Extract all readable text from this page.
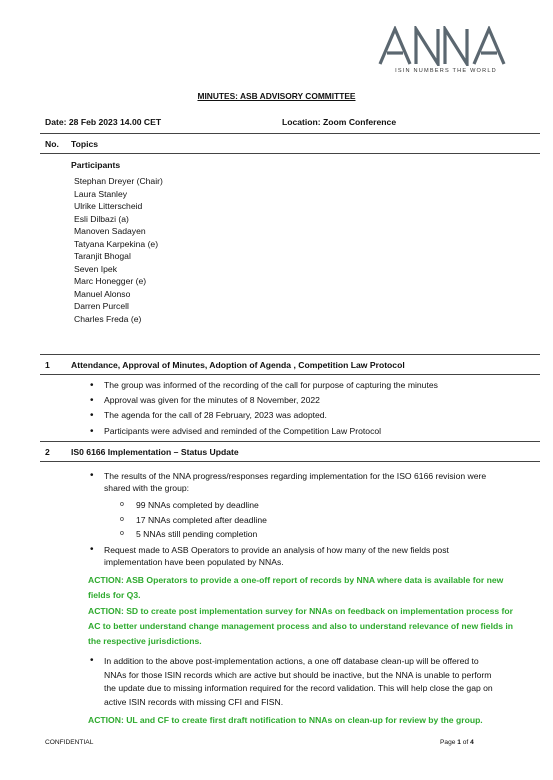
ISIN NUMBERS THE WORLD
MINUTES: ASB ADVISORY COMMITTEE
Date: 28 Feb 2023 14.00 CET	Location: Zoom Conference
No. Topics
Participants
Stephan Dreyer (Chair)
Laura Stanley
Ulrike Litterscheid
Esli Dilbazi (a)
Manoven Sadayen
Tatyana Karpekina (e)
Taranjit Bhogal
Seven Ipek
Marc Honegger (e)
Manuel Alonso
Darren Purcell
Charles Freda (e)
1 Attendance, Approval of Minutes, Adoption of Agenda , Competition Law Protocol
• The group was informed of the recording of the call for purpose of capturing the minutes
• Approval was given for the minutes of 8 November, 2022
• The agenda for the call of 28 February, 2023 was adopted.
• Participants were advised and reminded of the Competition Law Protocol
2 IS0 6166 Implementation – Status Update
• The results of the NNA progress/responses regarding implementation for the ISO 6166 revision were
shared with the group:
o 99 NNAs completed by deadline
o 17 NNAs completed after deadline
o 5 NNAs still pending completion
• Request made to ASB Operators to provide an analysis of how many of the new fields post
implementation have been populated by NNAs.
ACTION: ASB Operators to provide a one-off report of records by NNA where data is available for new
fields for Q3.
ACTION: SD to create post implementation survey for NNAs on feedback on implementation process for
AC to better understand change management process and also to understand relevance of new fields in
the respective jurisdictions.
• In addition to the above post-implementation actions, a one off database clean-up will be offered to
NNAs for those ISIN records which are active but should be inactive, but the NNA is unable to perform
the update due to missing information required for the record validation. This will help close the gap on
active ISIN records with missing CFI and FISN.
ACTION: UL and CF to create first draft notification to NNAs on clean-up for review by the group.
CONFIDENTIAL	Page 1 of 4
